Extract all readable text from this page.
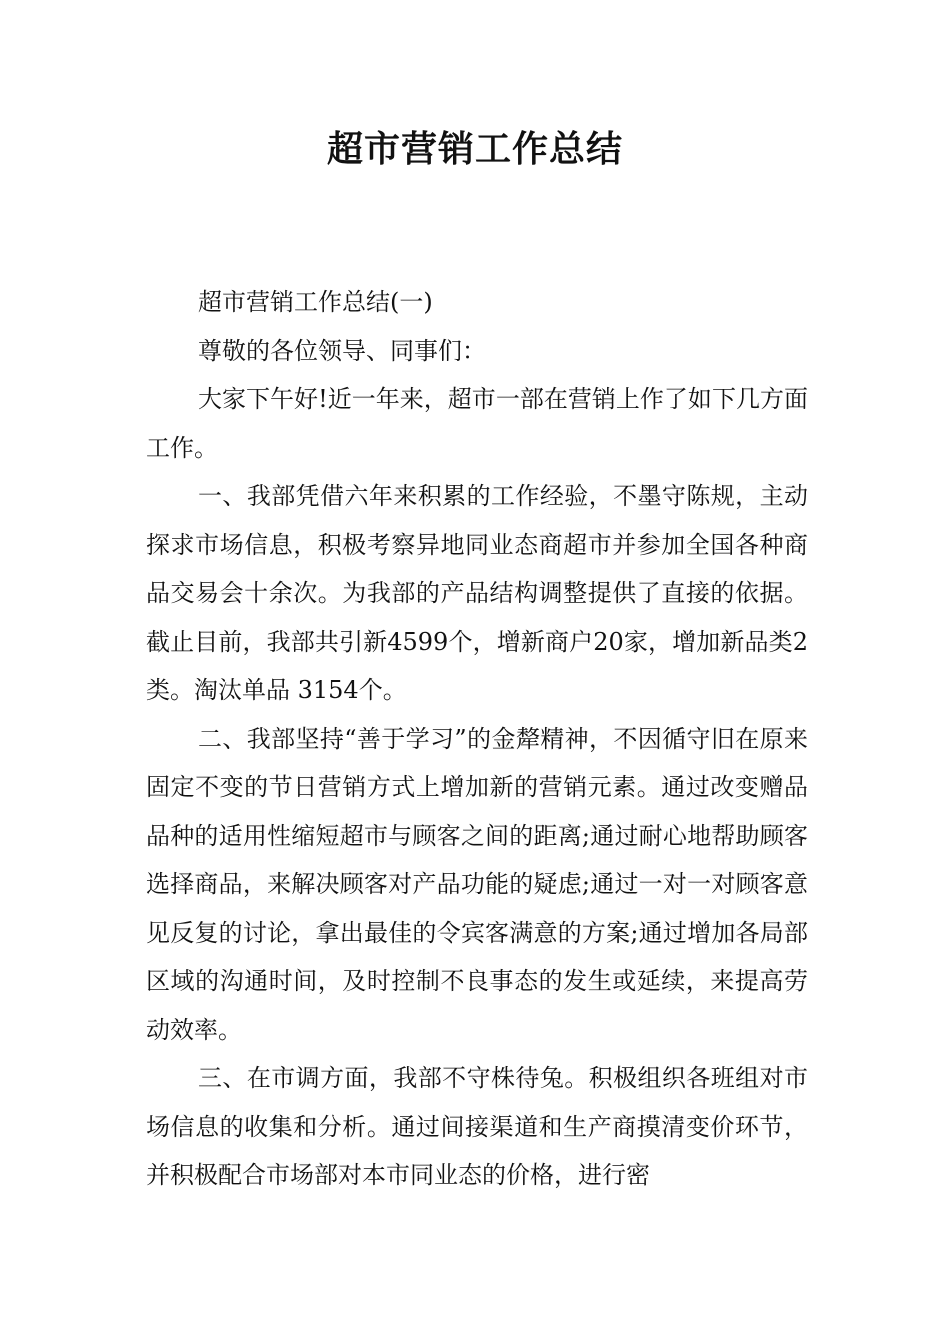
超市营销工作总结

超市营销工作总结(一)

尊敬的各位领导、同事们：

大家下午好!近一年来，超市一部在营销上作了如下几方面工作。

一、我部凭借六年来积累的工作经验，不墨守陈规，主动探求市场信息，积极考察异地同业态商超市并参加全国各种商品交易会十余次。为我部的产品结构调整提供了直接的依据。截止目前，我部共引新4599个，增新商户20家，增加新品类2类。淘汰单品 3154个。

二、我部坚持“善于学习”的金犛精神，不因循守旧在原来固定不变的节日营销方式上增加新的营销元素。通过改变赠品品种的适用性缩短超市与顾客之间的距离;通过耐心地帮助顾客选择商品，来解决顾客对产品功能的疑虑;通过一对一对顾客意见反复的讨论，拿出最佳的令宾客满意的方案;通过增加各局部区域的沟通时间，及时控制不良事态的发生或延续，来提高劳动效率。

三、在市调方面，我部不守株待兔。积极组织各班组对市场信息的收集和分析。通过间接渠道和生产商摸清变价环节，并积极配合市场部对本市同业态的价格，进行密
